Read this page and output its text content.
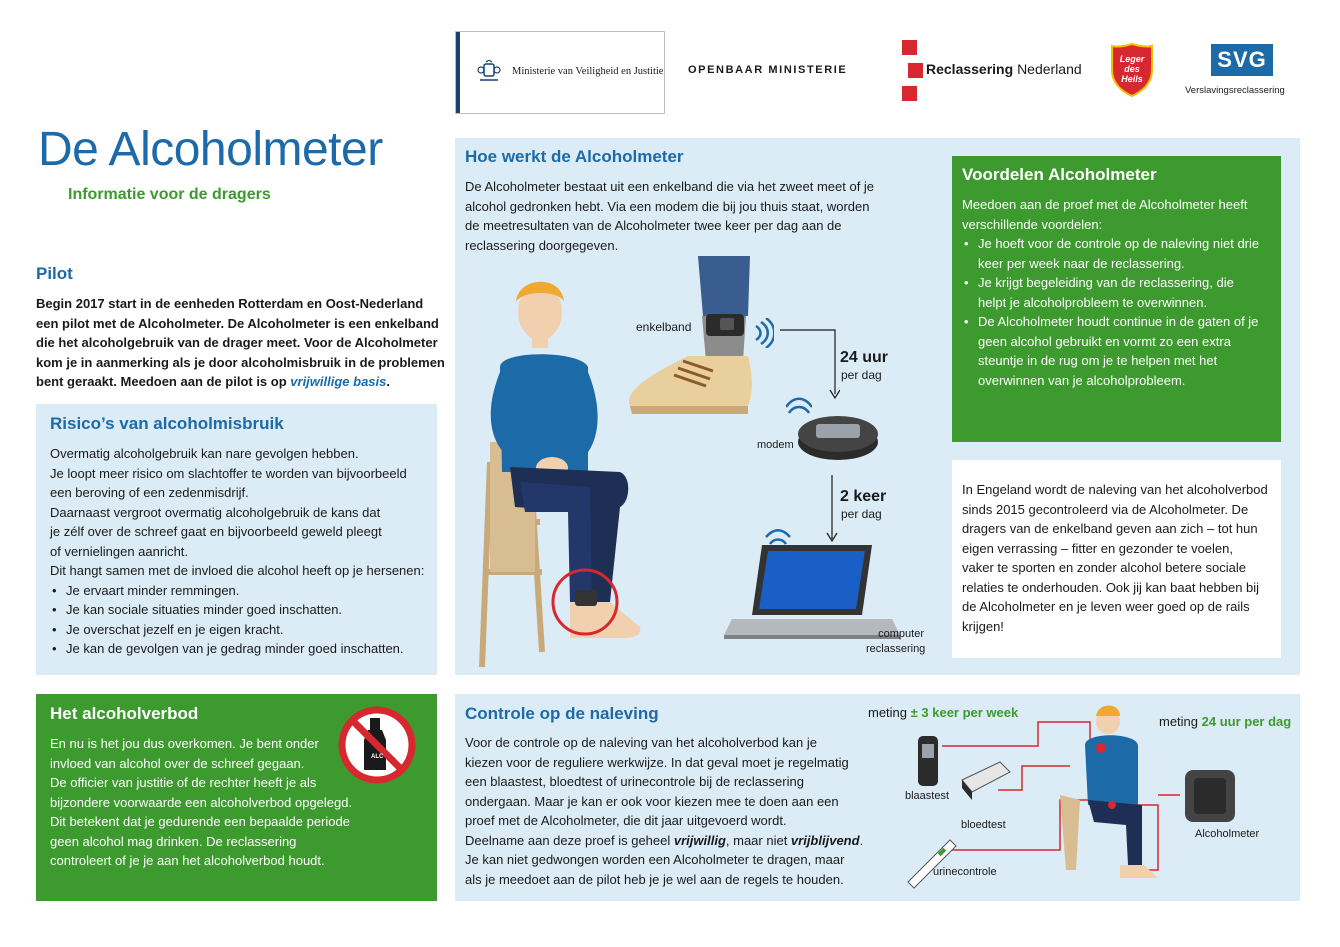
Ministerie van Veiligheid en Justitie OPENBAAR MINISTERIE	Reclassering Nederland
Leger des Heils
SVG
Verslavingsreclassering
De Alcoholmeter
Informatie voor de dragers
Pilot

Begin 2017 start in de eenheden Rotterdam en Oost-Nederland een pilot met de Alcoholmeter. De Alcoholmeter is een enkelband die het alcoholgebruik van de drager meet. Voor de Alcoholmeter kom je in aanmerking als je door alcoholmisbruik in de problemen bent geraakt. Meedoen aan de pilot is op vrijwillige basis.

Risico’s van alcoholmisbruik

Overmatig alcoholgebruik kan nare gevolgen hebben.

Je loopt meer risico om slachtoffer te worden van bijvoorbeeld

een beroving of een zedenmisdrijf.

Daarnaast vergroot overmatig alcoholgebruik de kans dat

je zélf over de schreef gaat en bijvoorbeeld geweld pleegt

of vernielingen aanricht.

Dit hangt samen met de invloed die alcohol heeft op je hersenen:

• Je ervaart minder remmingen.
• Je kan sociale situaties minder goed inschatten.
• Je overschat jezelf en je eigen kracht.
• Je kan de gevolgen van je gedrag minder goed inschatten.
Het alcoholverbod

En nu is het jou dus overkomen. Je bent onder

invloed van alcohol over de schreef gegaan.

De officier van justitie of de rechter heeft je als

bijzondere voorwaarde een alcoholverbod opgelegd.

Dit betekent dat je gedurende een bepaalde periode

geen alcohol mag drinken. De reclassering

controleert of je je aan het alcoholverbod houdt.

ALC
Hoe werkt de Alcoholmeter

De Alcoholmeter bestaat uit een enkelband die via het zweet meet of je alcohol gedronken hebt. Via een modem die bij jou thuis staat, worden de meetresultaten van de Alcoholmeter twee keer per dag aan de reclassering doorgegeven.

enkelband
24 uur
per dag
modem
2 keer
per dag
computer
reclassering
Voordelen Alcoholmeter

Meedoen aan de proef met de Alcoholmeter heeft verschillende voordelen:

• Je hoeft voor de controle op de naleving niet drie keer per week naar de reclassering.
• Je krijgt begeleiding van de reclassering, die helpt je alcoholprobleem te overwinnen.
• De Alcoholmeter houdt continue in de gaten of je geen alcohol gebruikt en vormt zo een extra steuntje in de rug om je te helpen met het overwinnen van je alcoholprobleem.

In Engeland wordt de naleving van het alcoholverbod sinds 2015 gecontroleerd via de Alcoholmeter. De dragers van de enkelband geven aan zich – tot hun eigen verrassing – fitter en gezonder te voelen, vaker te sporten en zonder alcohol betere sociale relaties te onderhouden. Ook jij kan baat hebben bij de Alcoholmeter en je leven weer goed op de rails krijgen!

Controle op de naleving

Voor de controle op de naleving van het alcoholverbod kan je

kiezen voor de reguliere werkwijze. In dat geval moet je regelmatig

een blaastest, bloedtest of urinecontrole bij de reclassering

ondergaan. Maar je kan er ook voor kiezen mee te doen aan een

proef met de Alcoholmeter, die dit jaar uitgevoerd wordt.

Deelname aan deze proef is geheel vrijwillig, maar niet vrijblijvend.

Je kan niet gedwongen worden een Alcoholmeter te dragen, maar

als je meedoet aan de pilot heb je je wel aan de regels te houden.

meting ± 3 keer per week
meting 24 uur per dag
blaastest
bloedtest
urinecontrole
Alcoholmeter
